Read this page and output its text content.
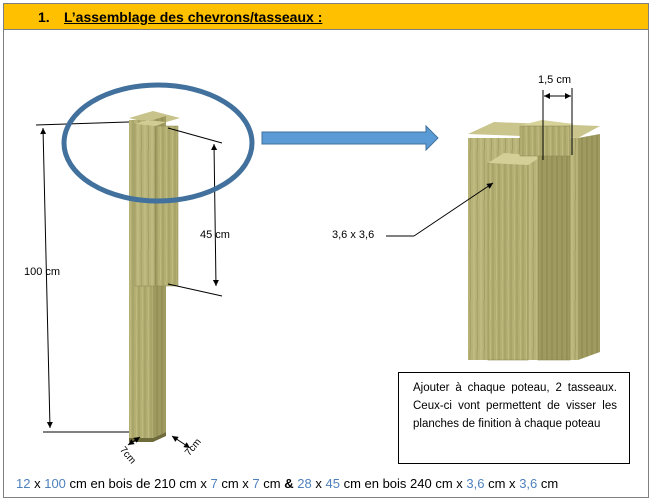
1. L’assemblage des chevrons/tasseaux :
100 cm
45 cm
1,5 cm
3,6 x 3,6
7cm	7cm
Ajouter à chaque poteau, 2 tasseaux. Ceux-ci vont permettent de visser les planches de finition à chaque poteau
12 x 100 cm en bois de 210 cm x 7 cm x 7 cm & 28 x 45 cm en bois 240 cm x 3,6 cm x 3,6 cm
